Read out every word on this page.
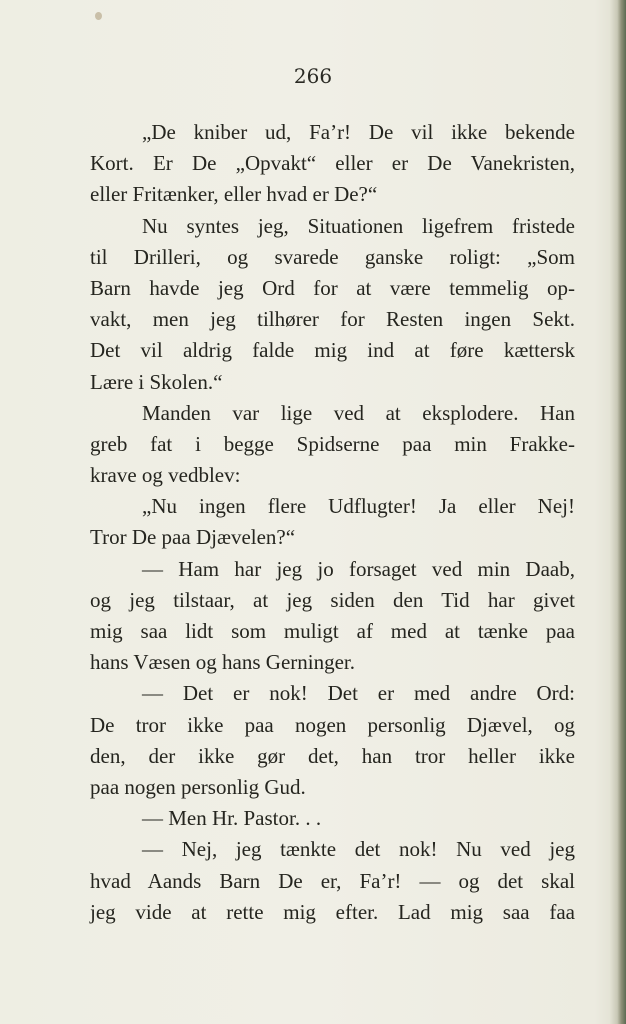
266
„De kniber ud, Fa’r! De vil ikke bekende
Kort. Er De „Opvakt“ eller er De Vanekristen,
eller Fritænker, eller hvad er De?“
Nu syntes jeg, Situationen ligefrem fristede
til Drilleri, og svarede ganske roligt: „Som
Barn havde jeg Ord for at være temmelig op-
vakt, men jeg tilhører for Resten ingen Sekt.
Det vil aldrig falde mig ind at føre kættersk
Lære i Skolen.“
Manden var lige ved at eksplodere. Han
greb fat i begge Spidserne paa min Frakke-
krave og vedblev:
„Nu ingen flere Udflugter! Ja eller Nej!
Tror De paa Djævelen?“
— Ham har jeg jo forsaget ved min Daab,
og jeg tilstaar, at jeg siden den Tid har givet
mig saa lidt som muligt af med at tænke paa
hans Væsen og hans Gerninger.
— Det er nok! Det er med andre Ord:
De tror ikke paa nogen personlig Djævel, og
den, der ikke gør det, han tror heller ikke
paa nogen personlig Gud.
— Men Hr. Pastor. . .
— Nej, jeg tænkte det nok! Nu ved jeg
hvad Aands Barn De er, Fa’r! — og det skal
jeg vide at rette mig efter. Lad mig saa faa
